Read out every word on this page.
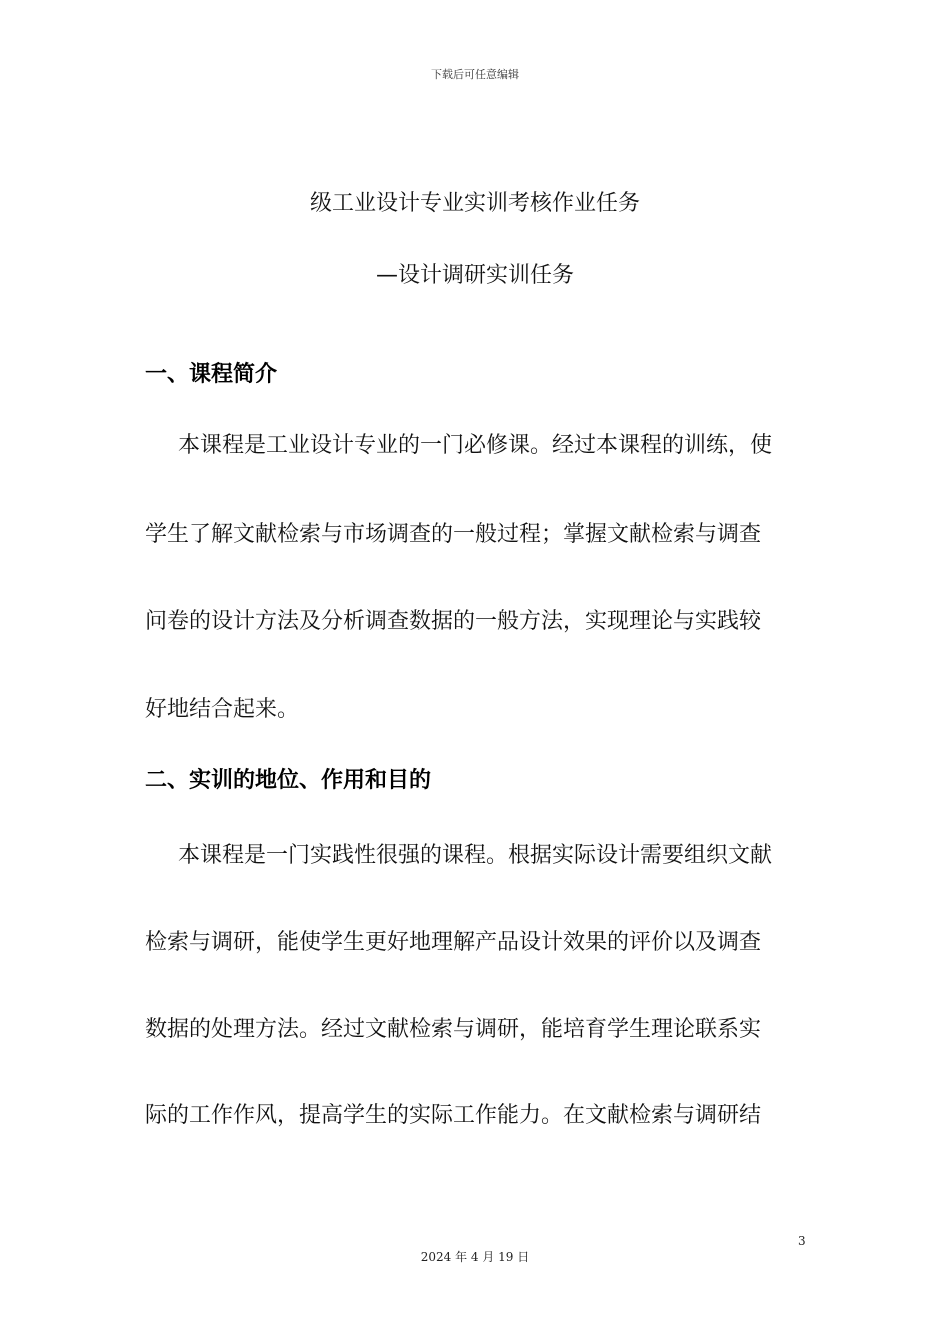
下载后可任意编辑
级工业设计专业实训考核作业任务
—设计调研实训任务
一、课程简介
本课程是工业设计专业的一门必修课。经过本课程的训练，使
学生了解文献检索与市场调查的一般过程；掌握文献检索与调查
问卷的设计方法及分析调查数据的一般方法，实现理论与实践较
好地结合起来。
二、实训的地位、作用和目的
本课程是一门实践性很强的课程。根据实际设计需要组织文献
检索与调研，能使学生更好地理解产品设计效果的评价以及调查
数据的处理方法。经过文献检索与调研，能培育学生理论联系实
际的工作作风，提高学生的实际工作能力。在文献检索与调研结
3
2024 年 4 月 19 日
